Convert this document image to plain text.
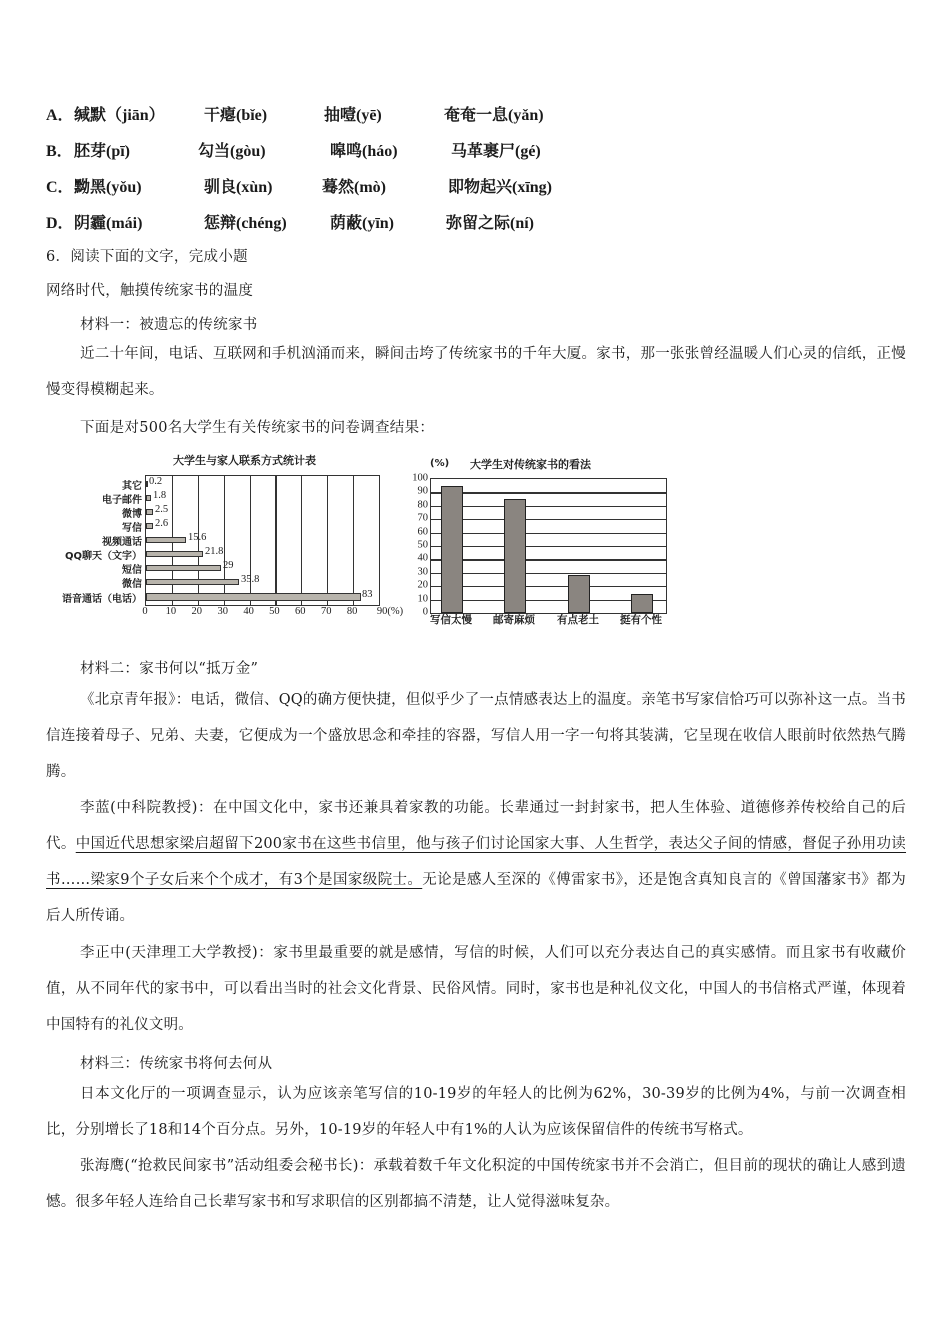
A． 缄默（jiān） 干瘪(bǐe)	抽噎(yē)	奄奄一息(yǎn)
B． 胚芽(pī)	勾当(gòu)	嗥鸣(háo)	马革裹尸(gé)
C． 黝黑(yǒu)	驯良(xùn)	蓦然(mò)	即物起兴(xīng)
D． 阴霾(mái)	惩辩(chéng)	荫蔽(yīn)	弥留之际(ní)
6．阅读下面的文字，完成小题
网络时代，触摸传统家书的温度
材料一：被遗忘的传统家书
近二十年间，电话、互联网和手机汹涌而来，瞬间击垮了传统家书的千年大厦。家书，那一张张曾经温暖人们心灵的信纸，正慢慢变得模糊起来。
下面是对500名大学生有关传统家书的问卷调查结果：
大学生与家人联系方式统计表
0.2
1.8
2.5
2.6
15.6
21.8
29
35.8
83
其它
电子邮件
微博
写信
视频通话
QQ聊天（文字）
短信
微信
语音通话（电话）
0 10 20 30 40 50 60 70 80 90(%)
大学生对传统家书的看法
(%)
0
10
20
30
40
50
60
70
80
90
100
写信太慢 邮寄麻烦 有点老土 挺有个性
材料二：家书何以“抵万金”
《北京青年报》：电话，微信、QQ的确方便快捷，但似乎少了一点情感表达上的温度。亲笔书写家信恰巧可以弥补这一点。当书信连接着母子、兄弟、夫妻，它便成为一个盛放思念和牵挂的容器，写信人用一字一句将其装满，它呈现在收信人眼前时依然热气腾腾。
李蓝(中科院教授)：在中国文化中，家书还兼具着家教的功能。长辈通过一封封家书，把人生体验、道德修养传校给自己的后代。中国近代思想家梁启超留下200家书在这些书信里，他与孩子们讨论国家大事、人生哲学，表达父子间的情感，督促子孙用功读书……梁家9个子女后来个个成才，有3个是国家级院士。无论是感人至深的《傅雷家书》，还是饱含真知良言的《曾国藩家书》都为后人所传诵。
李正中(天津理工大学教授)：家书里最重要的就是感情，写信的时候，人们可以充分表达自己的真实感情。而且家书有收藏价值，从不同年代的家书中，可以看出当时的社会文化背景、民俗风情。同时，家书也是种礼仪文化，中国人的书信格式严谨，体现着中国特有的礼仪文明。
材料三：传统家书将何去何从
日本文化厅的一项调查显示，认为应该亲笔写信的10-19岁的年轻人的比例为62%，30-39岁的比例为4%，与前一次调查相比，分别增长了18和14个百分点。另外，10-19岁的年轻人中有1%的人认为应该保留信件的传统书写格式。
张海鹰(“抢救民间家书”活动组委会秘书长)：承载着数千年文化积淀的中国传统家书并不会消亡，但目前的现状的确让人感到遗憾。很多年轻人连给自己长辈写家书和写求职信的区别都搞不清楚，让人觉得滋味复杂。
